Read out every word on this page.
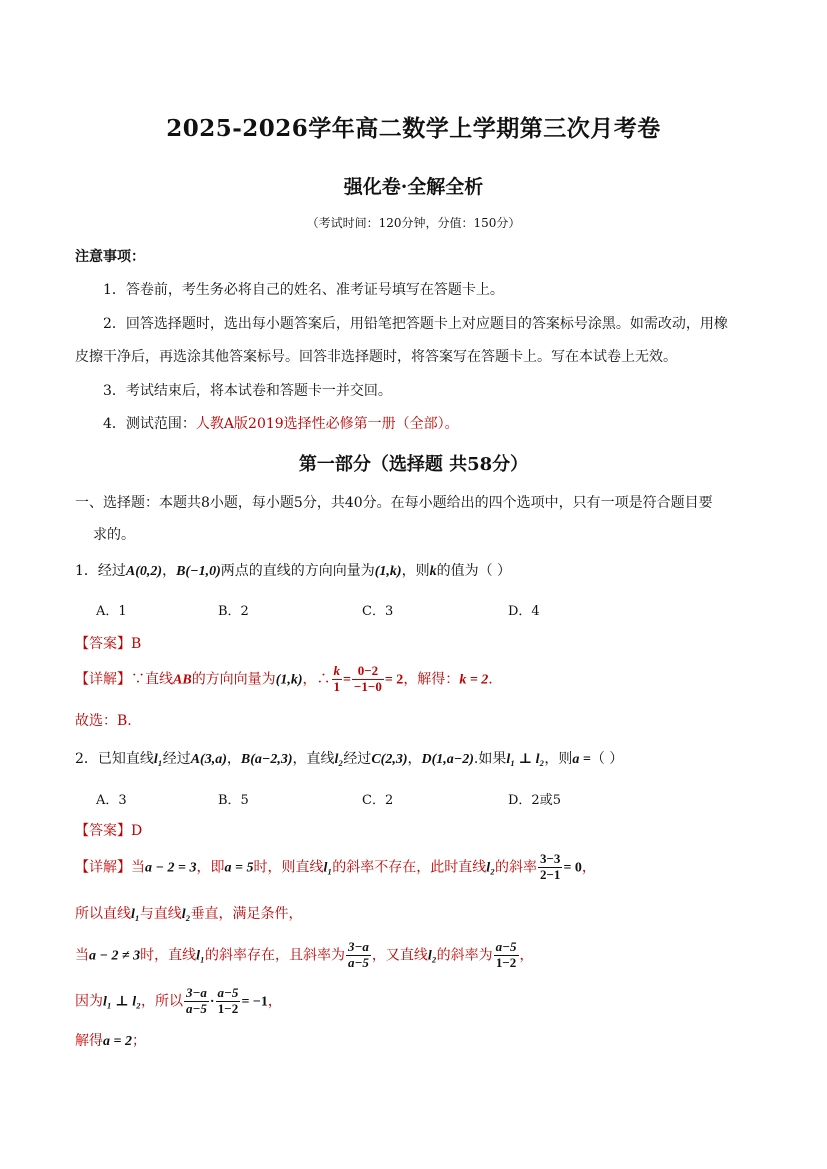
2025-2026学年高二数学上学期第三次月考卷
强化卷·全解全析
（考试时间：120分钟，分值：150分）
注意事项：
1．答卷前，考生务必将自己的姓名、准考证号填写在答题卡上。
2．回答选择题时，选出每小题答案后，用铅笔把答题卡上对应题目的答案标号涂黑。如需改动，用橡
皮擦干净后，再选涂其他答案标号。回答非选择题时，将答案写在答题卡上。写在本试卷上无效。
3．考试结束后，将本试卷和答题卡一并交回。
4．测试范围：人教A版2019选择性必修第一册（全部）。
第一部分（选择题 共58分）
一、选择题：本题共8小题，每小题5分，共40分。在每小题给出的四个选项中，只有一项是符合题目要
求的。
1．经过A(0,2)，B(−1,0)两点的直线的方向向量为(1,k)，则k的值为（ ）
A．1	B．2	C．3	D．4
【答案】B
【详解】∵直线AB的方向向量为(1,k)，∴ $\frac{k}{1} = \frac{0-2}{-1-0} = 2$，解得：k = 2.
故选：B.
2．已知直线l₁经过A(3,a)，B(a−2,3)，直线l₂经过C(2,3)，D(1,a−2).如果l₁ ⊥ l₂，则a =（ ）
A．3	B．5	C．2	D．2或5
【答案】D
【详解】当a − 2 = 3，即a = 5时，则直线l₁的斜率不存在，此时直线l₂的斜率 $\frac{3-3}{2-1} = 0$，
所以直线l₁与直线l₂垂直，满足条件，
当a − 2 ≠ 3时，直线l₁的斜率存在，且斜率为 $\frac{3-a}{a-5}$ ，又直线l₂的斜率为 $\frac{a-5}{1-2}$ ，
因为l₁ ⊥ l₂，所以 $\frac{3-a}{a-5} \cdot \frac{a-5}{1-2} = -1$，
解得a = 2；
